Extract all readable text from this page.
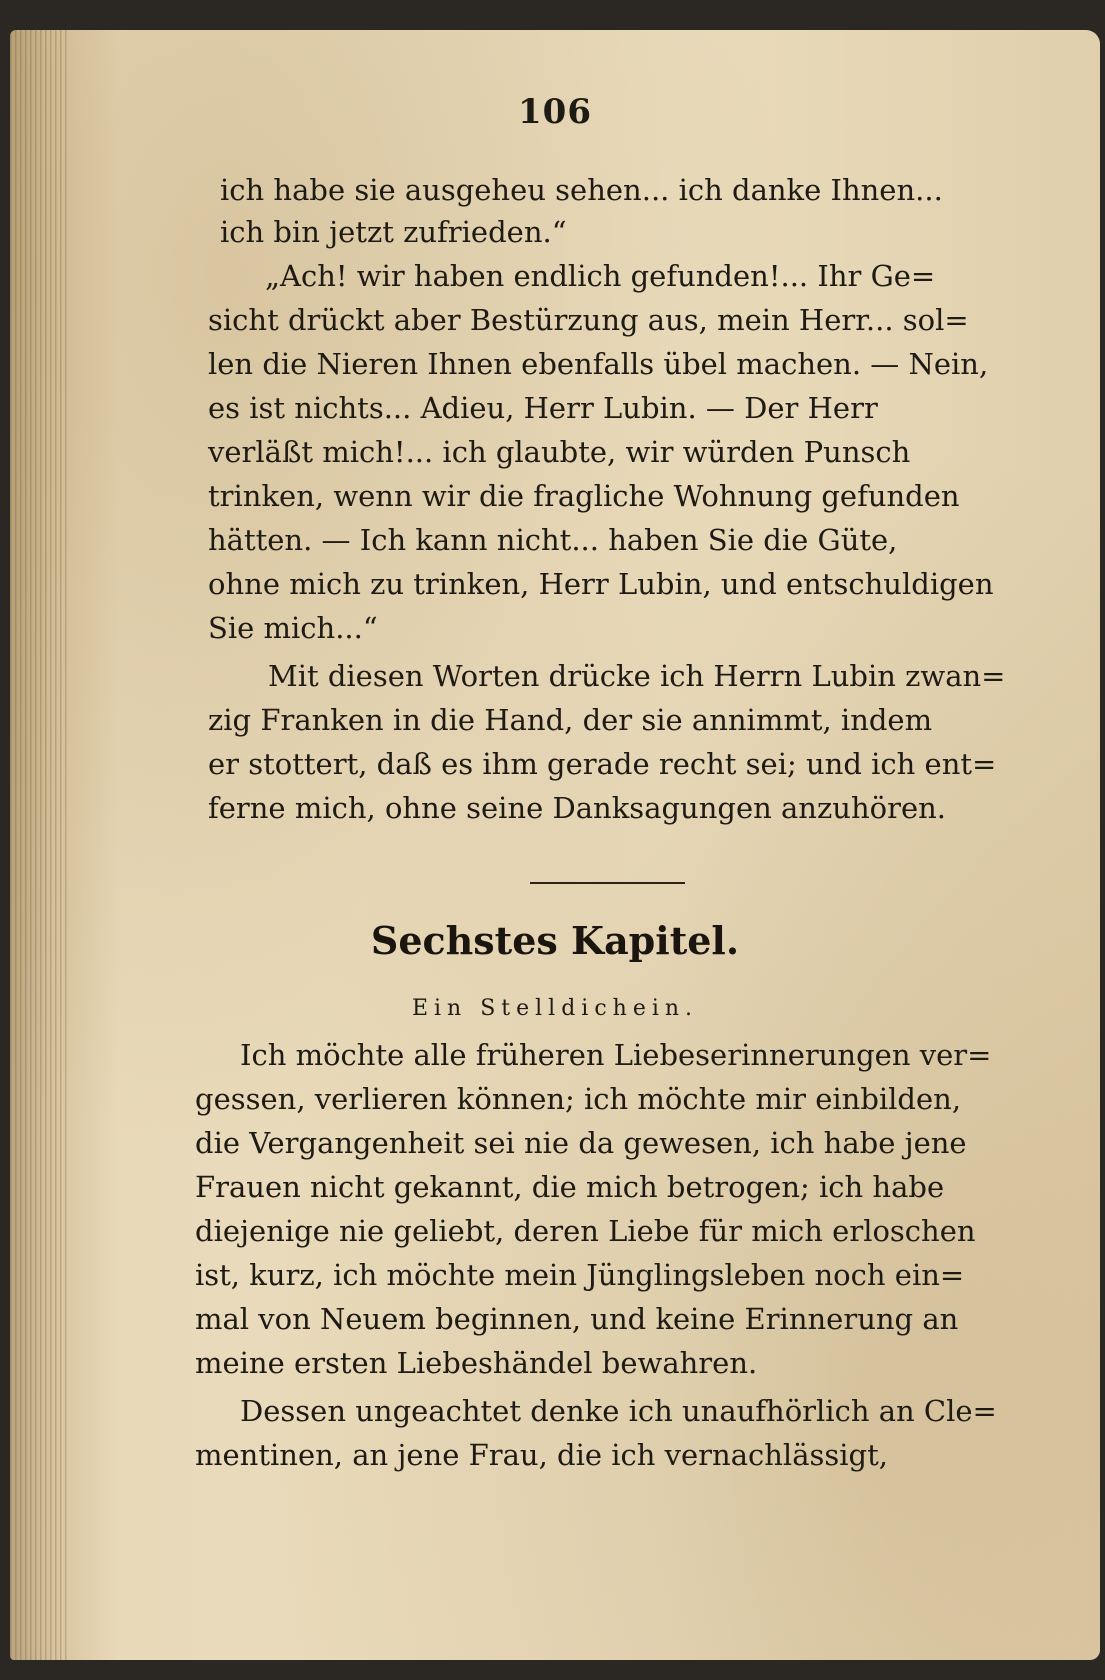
106
ich habe sie ausgeheu sehen... ich danke Ihnen...
ich bin jetzt zufrieden.“
„Ach! wir haben endlich gefunden!... Ihr Ge=
sicht drückt aber Bestürzung aus, mein Herr... sol=
len die Nieren Ihnen ebenfalls übel machen. — Nein,
es ist nichts... Adieu, Herr Lubin. — Der Herr
verläßt mich!... ich glaubte, wir würden Punsch
trinken, wenn wir die fragliche Wohnung gefunden
hätten. — Ich kann nicht... haben Sie die Güte,
ohne mich zu trinken, Herr Lubin, und entschuldigen
Sie mich...“
Mit diesen Worten drücke ich Herrn Lubin zwan=
zig Franken in die Hand, der sie annimmt, indem
er stottert, daß es ihm gerade recht sei; und ich ent=
ferne mich, ohne seine Danksagungen anzuhören.
Sechstes Kapitel.
Ein Stelldichein.
Ich möchte alle früheren Liebeserinnerungen ver=
gessen, verlieren können; ich möchte mir einbilden,
die Vergangenheit sei nie da gewesen, ich habe jene
Frauen nicht gekannt, die mich betrogen; ich habe
diejenige nie geliebt, deren Liebe für mich erloschen
ist, kurz, ich möchte mein Jünglingsleben noch ein=
mal von Neuem beginnen, und keine Erinnerung an
meine ersten Liebeshändel bewahren.
Dessen ungeachtet denke ich unaufhörlich an Cle=
mentinen, an jene Frau, die ich vernachlässigt,
